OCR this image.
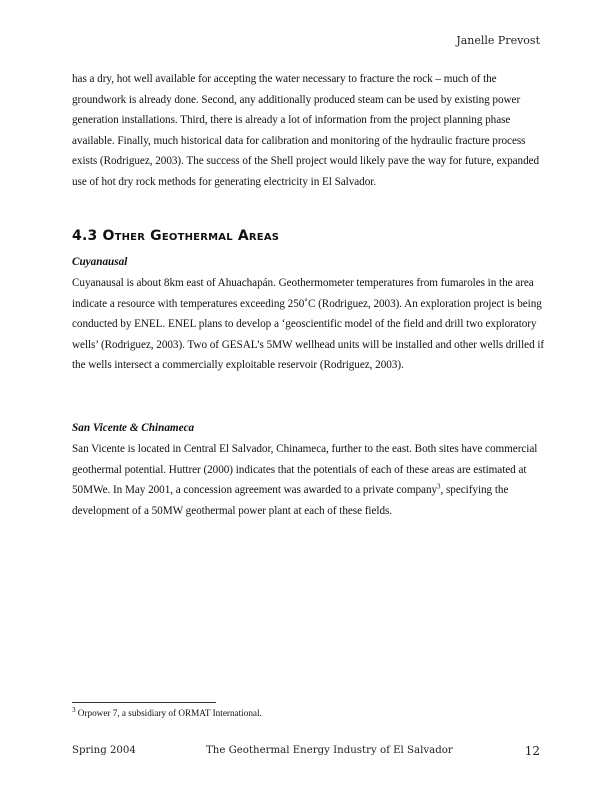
Janelle Prevost

has a dry, hot well available for accepting the water necessary to fracture the rock – much of the groundwork is already done. Second, any additionally produced steam can be used by existing power generation installations. Third, there is already a lot of information from the project planning phase available. Finally, much historical data for calibration and monitoring of the hydraulic fracture process exists (Rodriguez, 2003). The success of the Shell project would likely pave the way for future, expanded use of hot dry rock methods for generating electricity in El Salvador.

4.3 Other Geothermal Areas
Cuyanausal

Cuyanausal is about 8km east of Ahuachapán. Geothermometer temperatures from fumaroles in the area indicate a resource with temperatures exceeding 250˚C (Rodriguez, 2003). An exploration project is being conducted by ENEL. ENEL plans to develop a ‘geoscientific model of the field and drill two exploratory wells’ (Rodriguez, 2003). Two of GESAL’s 5MW wellhead units will be installed and other wells drilled if the wells intersect a commercially exploitable reservoir (Rodriguez, 2003).

San Vicente & Chinameca

San Vicente is located in Central El Salvador, Chinameca, further to the east. Both sites have commercial geothermal potential. Huttrer (2000) indicates that the potentials of each of these areas are estimated at 50MWe. In May 2001, a concession agreement was awarded to a private company$^3$, specifying the development of a 50MW geothermal power plant at each of these fields.

$^3$ Orpower 7, a subsidiary of ORMAT International.

Spring 2004	The Geothermal Energy Industry of El Salvador	12
